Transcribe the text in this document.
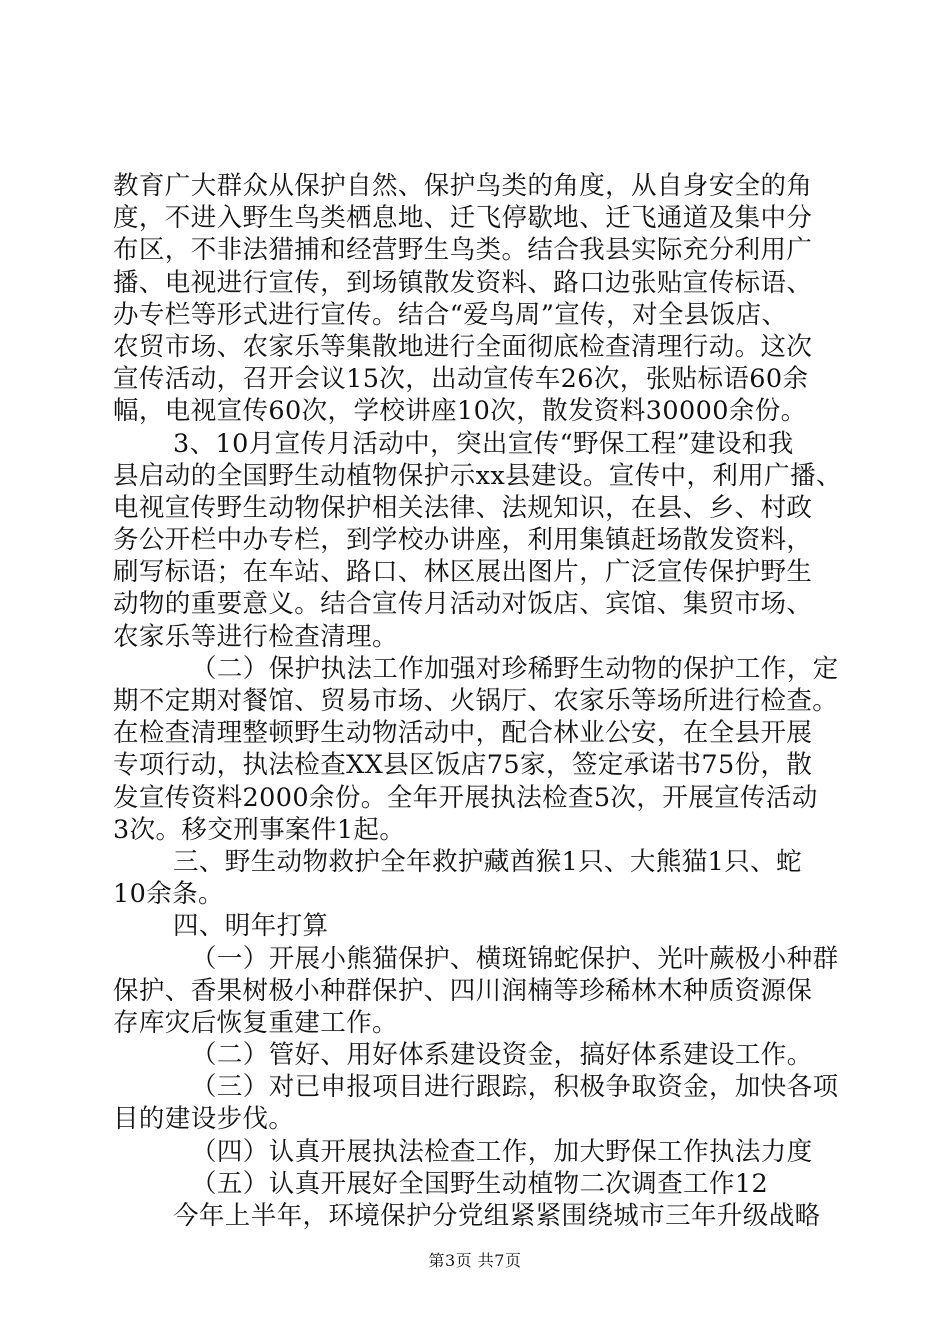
教育广大群众从保护自然、保护鸟类的角度，从自身安全的角
度，不进入野生鸟类栖息地、迁飞停歇地、迁飞通道及集中分
布区，不非法猎捕和经营野生鸟类。结合我县实际充分利用广
播、电视进行宣传，到场镇散发资料、路口边张贴宣传标语、
办专栏等形式进行宣传。结合“爱鸟周”宣传，对全县饭店、
农贸市场、农家乐等集散地进行全面彻底检查清理行动。这次
宣传活动，召开会议15次，出动宣传车26次，张贴标语60余
幅，电视宣传60次，学校讲座10次，散发资料30000余份。
3、10月宣传月活动中，突出宣传“野保工程”建设和我
县启动的全国野生动植物保护示xx县建设。宣传中，利用广播、
电视宣传野生动物保护相关法律、法规知识，在县、乡、村政
务公开栏中办专栏，到学校办讲座，利用集镇赶场散发资料，
刷写标语；在车站、路口、林区展出图片，广泛宣传保护野生
动物的重要意义。结合宣传月活动对饭店、宾馆、集贸市场、
农家乐等进行检查清理。
（二）保护执法工作加强对珍稀野生动物的保护工作，定
期不定期对餐馆、贸易市场、火锅厅、农家乐等场所进行检查。
在检查清理整顿野生动物活动中，配合林业公安，在全县开展
专项行动，执法检查XX县区饭店75家，签定承诺书75份，散
发宣传资料2000余份。全年开展执法检查5次，开展宣传活动
3次。移交刑事案件1起。
三、野生动物救护全年救护藏酋猴1只、大熊猫1只、蛇
10余条。
四、明年打算
（一）开展小熊猫保护、横斑锦蛇保护、光叶蕨极小种群
保护、香果树极小种群保护、四川润楠等珍稀林木种质资源保
存库灾后恢复重建工作。
（二）管好、用好体系建设资金，搞好体系建设工作。
（三）对已申报项目进行跟踪，积极争取资金，加快各项
目的建设步伐。
（四）认真开展执法检查工作，加大野保工作执法力度
（五）认真开展好全国野生动植物二次调查工作12
今年上半年，环境保护分党组紧紧围绕城市三年升级战略
第3页 共7页
